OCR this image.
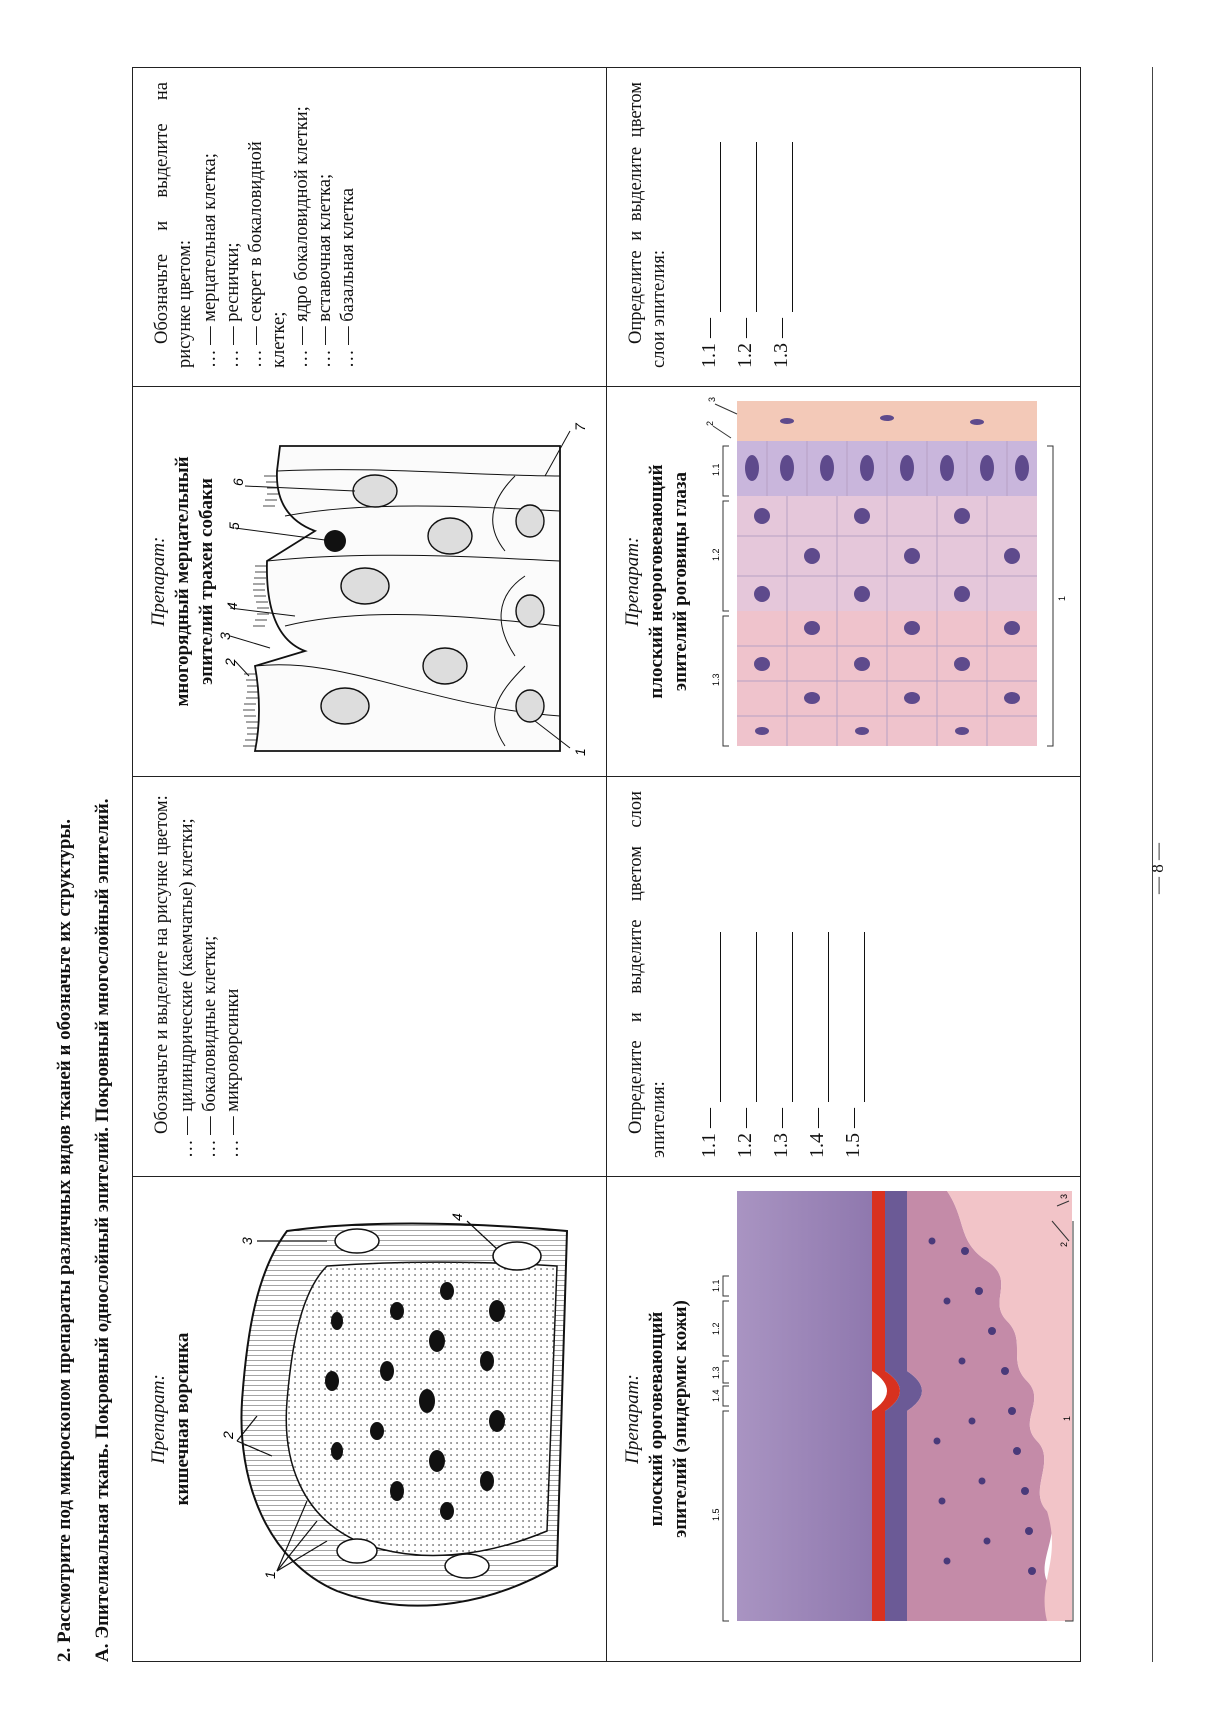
2. Рассмотрите под микроскопом препараты различных видов тканей и обозначьте их структуры. А. Эпителиальная ткань. Покровный однослойный эпителий. Покровный многослойный эпителий. Препарат: кишечная ворсинка
1
2
3
4

Обозначьте и выделите на рисунке цветом: … — цилиндрические (каемчатые) клетки; … — бокаловидные клетки; … — микроворсинки

Препарат: многорядный мерцательный эпителий трахеи собаки
1
2
3
4
5
6
7

Обозначьте и выделите на рисунке цветом: … — мерцательная клетка; … — реснички; … — секрет в бокаловидной клетке; … — ядро бокаловидной клетки; … — вставочная клетка; … — базальная клетка

Препарат: плоский ороговевающий эпителий (эпидермис кожи) 1.5
1.4
1.3
1.2
1.1
1
2
3

Определите и выделите цветом слои эпителия: 1.1 — 1.2 — 1.3 — 1.4 — 1.5 —
Препарат: плоский неороговевающий эпителий роговицы глаза 1.3
1.2
1.1
1
2
3

Определите и выделите цветом слои эпителия: 1.1 — 1.2 — 1.3 —
— 8 —
